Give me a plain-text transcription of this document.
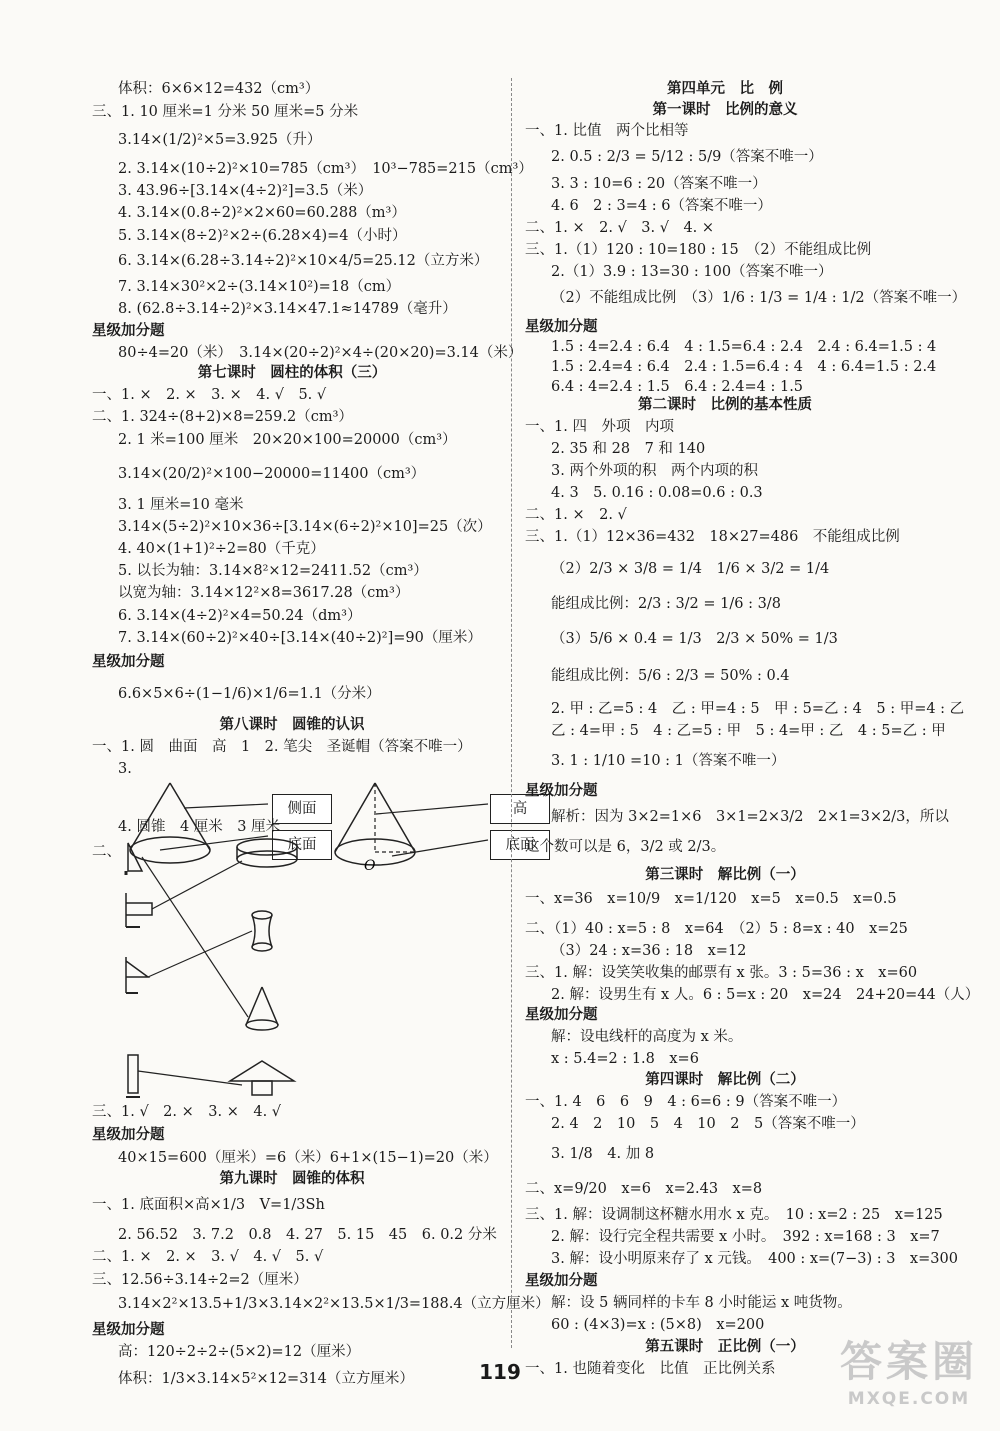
体积：6×6×12=432（cm³）
三、1. 10 厘米=1 分米 50 厘米=5 分米
3.14×(1/2)²×5=3.925（升）
2. 3.14×(10÷2)²×10=785（cm³）　10³−785=215（cm³）
3. 43.96÷[3.14×(4÷2)²]=3.5（米）
4. 3.14×(0.8÷2)²×2×60=60.288（m³）
5. 3.14×(8÷2)²×2÷(6.28×4)=4（小时）
6. 3.14×(6.28÷3.14÷2)²×10×4/5=25.12（立方米）
7. 3.14×30²×2÷(3.14×10²)=18（cm）
8. (62.8÷3.14÷2)²×3.14×47.1≈14789（毫升）
星级加分题
80÷4=20（米）　3.14×(20÷2)²×4÷(20×20)=3.14（米）
第七课时　圆柱的体积（三）
一、1. ×　2. ×　3. ×　4. √　5. √
二、1. 324÷(8+2)×8=259.2（cm³）
2. 1 米=100 厘米　20×20×100=20000（cm³）
3.14×(20/2)²×100−20000=11400（cm³）
3. 1 厘米=10 毫米
3.14×(5÷2)²×10×36÷[3.14×(6÷2)²×10]=25（次）
4. 40×(1+1)²÷2=80（千克）
5. 以长为轴：3.14×8²×12=2411.52（cm³）
以宽为轴：3.14×12²×8=3617.28（cm³）
6. 3.14×(4÷2)²×4=50.24（dm³）
7. 3.14×(60÷2)²×40÷[3.14×(40÷2)²]=90（厘米）
星级加分题
6.6×5×6÷(1−1/6)×1/6=1.1（分米）
第八课时　圆锥的认识
一、1. 圆　曲面　高　1　2. 笔尖　圣诞帽（答案不唯一）
3.
侧面
底面
O
高
底面
4. 圆锥　4 厘米　3 厘米
二、
三、1. √　2. ×　3. ×　4. √
星级加分题
40×15=600（厘米）=6（米）6+1×(15−1)=20（米）
第九课时　圆锥的体积
一、1. 底面积×高×1/3　V=1/3Sh
2. 56.52　3. 7.2　0.8　4. 27　5. 15　45　6. 0.2 分米
二、1. ×　2. ×　3. √　4. √　5. √
三、12.56÷3.14÷2=2（厘米）
3.14×2²×13.5+1/3×3.14×2²×13.5×1/3=188.4（立方厘米）
星级加分题
高：120÷2÷2÷(5×2)=12（厘米）
体积：1/3×3.14×5²×12=314（立方厘米）
第四单元　比　例
第一课时　比例的意义
一、1. 比值　两个比相等
2. 0.5 : 2/3 = 5/12 : 5/9（答案不唯一）
3. 3 : 10=6 : 20（答案不唯一）
4. 6　2 : 3=4 : 6（答案不唯一）
二、1. ×　2. √　3. √　4. ×
三、1.（1）120 : 10=180 : 15　（2）不能组成比例
2.（1）3.9 : 13=30 : 100（答案不唯一）
（2）不能组成比例　（3）1/6 : 1/3 = 1/4 : 1/2（答案不唯一）
星级加分题
1.5 : 4=2.4 : 6.4　4 : 1.5=6.4 : 2.4　2.4 : 6.4=1.5 : 4
1.5 : 2.4=4 : 6.4　2.4 : 1.5=6.4 : 4　4 : 6.4=1.5 : 2.4
6.4 : 4=2.4 : 1.5　6.4 : 2.4=4 : 1.5
第二课时　比例的基本性质
一、1. 四　外项　内项
2. 35 和 28　7 和 140
3. 两个外项的积　两个内项的积
4. 3　5. 0.16 : 0.08=0.6 : 0.3
二、1. ×　2. √
三、1.（1）12×36=432　18×27=486　不能组成比例
（2）2/3 × 3/8 = 1/4　1/6 × 3/2 = 1/4
能组成比例：2/3 : 3/2 = 1/6 : 3/8
（3）5/6 × 0.4 = 1/3　2/3 × 50% = 1/3
能组成比例：5/6 : 2/3 = 50% : 0.4
2. 甲 : 乙=5 : 4　乙 : 甲=4 : 5　甲 : 5=乙 : 4　5 : 甲=4 : 乙
乙 : 4=甲 : 5　4 : 乙=5 : 甲　5 : 4=甲 : 乙　4 : 5=乙 : 甲
3. 1 : 1/10 =10 : 1（答案不唯一）
星级加分题
解析：因为 3×2=1×6　3×1=2×3/2　2×1=3×2/3，所以
这个数可以是 6，3/2 或 2/3。
第三课时　解比例（一）
一、x=36　x=10/9　x=1/120　x=5　x=0.5　x=0.5
二、（1）40 : x=5 : 8　x=64　（2）5 : 8=x : 40　x=25
（3）24 : x=36 : 18　x=12
三、1. 解：设笑笑收集的邮票有 x 张。3 : 5=36 : x　x=60
2. 解：设男生有 x 人。6 : 5=x : 20　x=24　24+20=44（人）
星级加分题
解：设电线杆的高度为 x 米。
x : 5.4=2 : 1.8　x=6
第四课时　解比例（二）
一、1. 4　6　6　9　4 : 6=6 : 9（答案不唯一）
2. 4　2　10　5　4　10　2　5（答案不唯一）
3. 1/8　4. 加 8
二、x=9/20　x=6　x=2.43　x=8
三、1. 解：设调制这杯糖水用水 x 克。　10 : x=2 : 25　x=125
2. 解：设行完全程共需要 x 小时。　392 : x=168 : 3　x=7
3. 解：设小明原来存了 x 元钱。　400 : x=(7−3) : 3　x=300
星级加分题
解：设 5 辆同样的卡车 8 小时能运 x 吨货物。
60 : (4×3)=x : (5×8)　x=200
第五课时　正比例（一）
一、1. 也随着变化　比值　正比例关系
119	答案圈
MXQE.COM
